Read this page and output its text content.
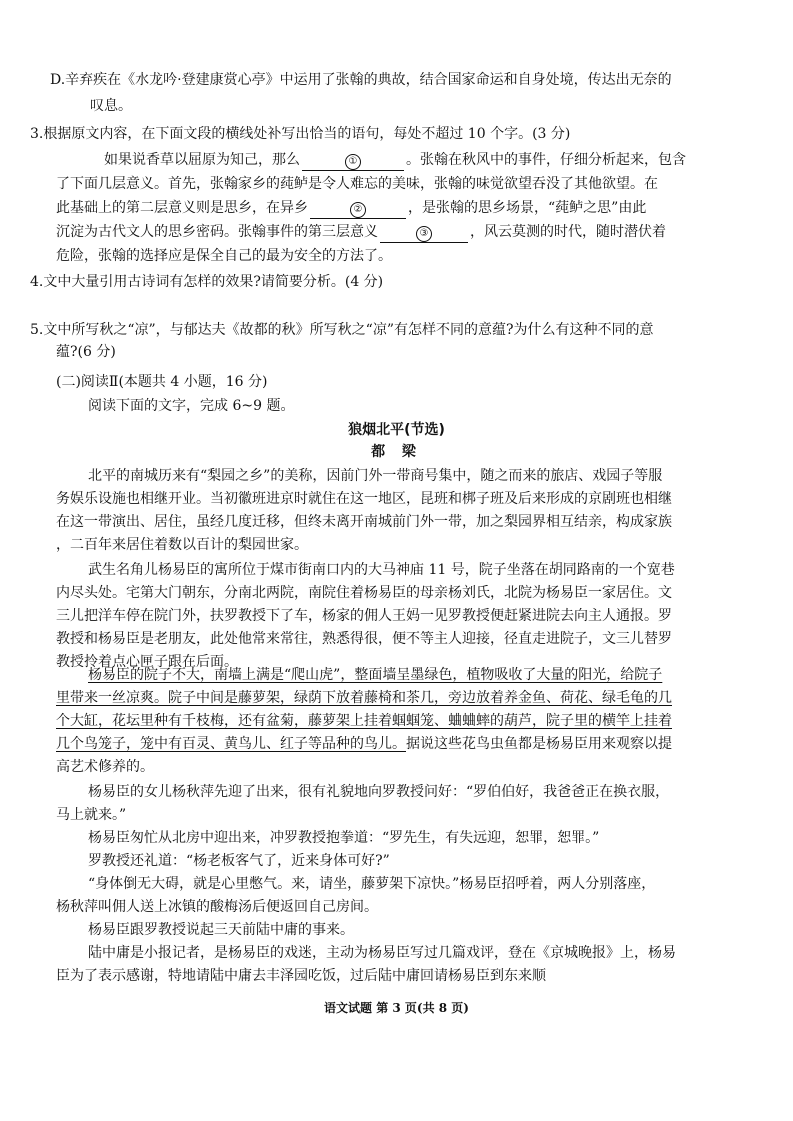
D.辛弃疾在《水龙吟·登建康赏心亭》中运用了张翰的典故，结合国家命运和自身处境，传达出无奈的
叹息。
3.根据原文内容，在下面文段的横线处补写出恰当的语句，每处不超过 10 个字。(3 分)
如果说香草以屈原为知己，那么	①	。张翰在秋风中的事件，仔细分析起来，包含
了下面几层意义。首先，张翰家乡的莼鲈是令人难忘的美味，张翰的味觉欲望吞没了其他欲望。在
此基础上的第二层意义则是思乡，在异乡	②	，是张翰的思乡场景，“莼鲈之思”由此
沉淀为古代文人的思乡密码。张翰事件的第三层意义	③	，风云莫测的时代，随时潜伏着
危险，张翰的选择应是保全自己的最为安全的方法了。
4.文中大量引用古诗词有怎样的效果?请简要分析。(4 分)
5.文中所写秋之“凉”，与郁达夫《故都的秋》所写秋之“凉”有怎样不同的意蕴?为什么有这种不同的意
蕴?(6 分)
(二)阅读Ⅱ(本题共 4 小题，16 分)
阅读下面的文字，完成 6~9 题。
狼烟北平(节选)
都 梁
北平的南城历来有“梨园之乡”的美称，因前门外一带商号集中，随之而来的旅店、戏园子等服
务娱乐设施也相继开业。当初徽班进京时就住在这一地区，昆班和梆子班及后来形成的京剧班也相继
在这一带演出、居住，虽经几度迁移，但终未离开南城前门外一带，加之梨园界相互结亲，构成家族
，二百年来居住着数以百计的梨园世家。
武生名角儿杨易臣的寓所位于煤市街南口内的大马神庙 11 号，院子坐落在胡同路南的一个宽巷
内尽头处。宅第大门朝东，分南北两院，南院住着杨易臣的母亲杨刘氏，北院为杨易臣一家居住。文
三儿把洋车停在院门外，扶罗教授下了车，杨家的佣人王妈一见罗教授便赶紧进院去向主人通报。罗
教授和杨易臣是老朋友，此处他常来常往，熟悉得很，便不等主人迎接，径直走进院子，文三儿替罗
教授拎着点心匣子跟在后面。
杨易臣的院子不大，南墙上满是“爬山虎”，整面墙呈墨绿色，植物吸收了大量的阳光，给院子
里带来一丝凉爽。院子中间是藤萝架，绿荫下放着藤椅和茶几，旁边放着养金鱼、荷花、绿毛龟的几
个大缸，花坛里种有千枝梅，还有盆菊，藤萝架上挂着蝈蝈笼、蛐蛐蟀的葫芦，院子里的横竿上挂着
几个鸟笼子，笼中有百灵、黄鸟儿、红子等品种的鸟儿。据说这些花鸟虫鱼都是杨易臣用来观察以提
高艺术修养的。
杨易臣的女儿杨秋萍先迎了出来，很有礼貌地向罗教授问好：“罗伯伯好，我爸爸正在换衣服，
马上就来。”
杨易臣匆忙从北房中迎出来，冲罗教授抱拳道：“罗先生，有失远迎，恕罪，恕罪。”
罗教授还礼道：“杨老板客气了，近来身体可好?”
“身体倒无大碍，就是心里憋气。来，请坐，藤萝架下凉快。”杨易臣招呼着，两人分别落座，
杨秋萍叫佣人送上冰镇的酸梅汤后便返回自己房间。
杨易臣跟罗教授说起三天前陆中庸的事来。
陆中庸是小报记者，是杨易臣的戏迷，主动为杨易臣写过几篇戏评，登在《京城晚报》上，杨易
臣为了表示感谢，特地请陆中庸去丰泽园吃饭，过后陆中庸回请杨易臣到东来顺
语文试题 第 3 页(共 8 页)
